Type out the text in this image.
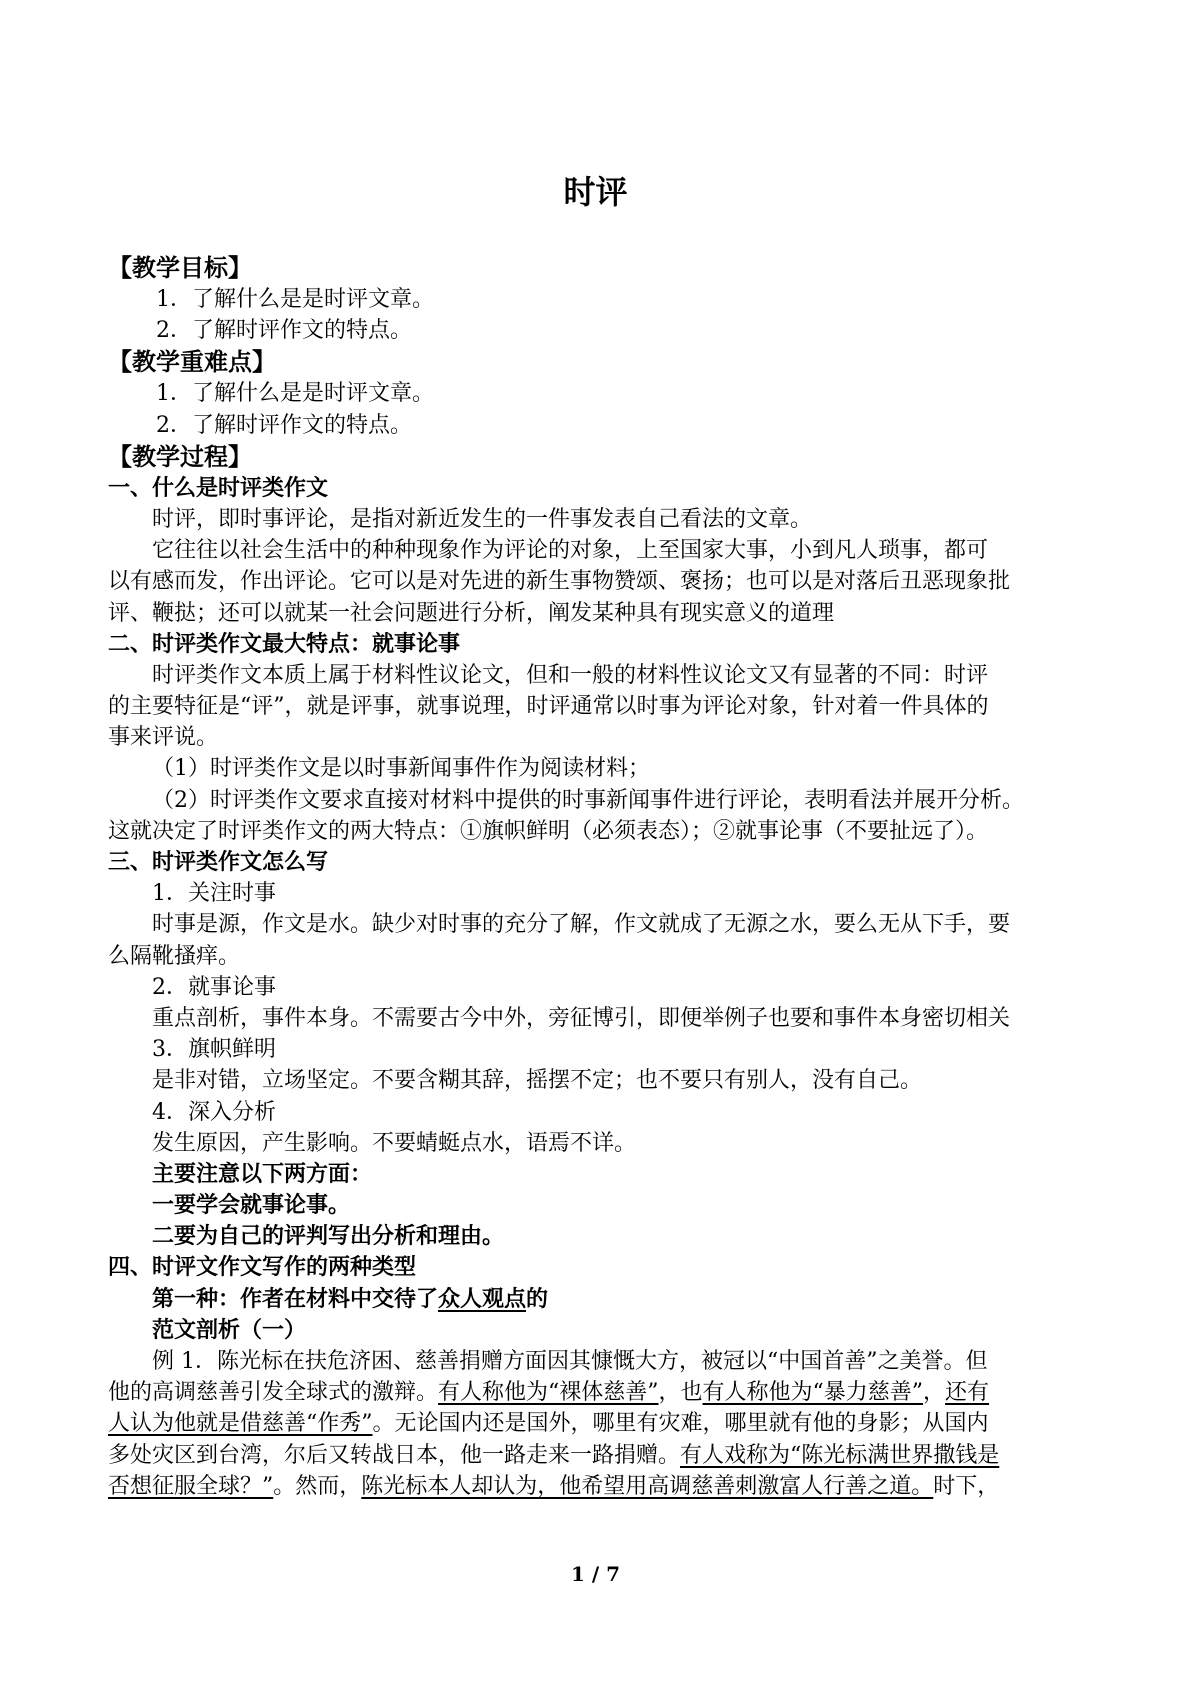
时评
【教学目标】
1．了解什么是是时评文章。
2．了解时评作文的特点。
【教学重难点】
1．了解什么是是时评文章。
2．了解时评作文的特点。
【教学过程】
一、什么是时评类作文
时评，即时事评论，是指对新近发生的一件事发表自己看法的文章。
它往往以社会生活中的种种现象作为评论的对象，上至国家大事，小到凡人琐事，都可
以有感而发，作出评论。它可以是对先进的新生事物赞颂、褒扬；也可以是对落后丑恶现象批
评、鞭挞；还可以就某一社会问题进行分析，阐发某种具有现实意义的道理
二、时评类作文最大特点：就事论事
时评类作文本质上属于材料性议论文，但和一般的材料性议论文又有显著的不同：时评
的主要特征是“评”，就是评事，就事说理，时评通常以时事为评论对象，针对着一件具体的
事来评说。
（1）时评类作文是以时事新闻事件作为阅读材料；
（2）时评类作文要求直接对材料中提供的时事新闻事件进行评论，表明看法并展开分析。
这就决定了时评类作文的两大特点：①旗帜鲜明（必须表态）；②就事论事（不要扯远了）。
三、时评类作文怎么写
1．关注时事
时事是源，作文是水。缺少对时事的充分了解，作文就成了无源之水，要么无从下手，要
么隔靴搔痒。
2．就事论事
重点剖析，事件本身。不需要古今中外，旁征博引，即便举例子也要和事件本身密切相关
3．旗帜鲜明
是非对错，立场坚定。不要含糊其辞，摇摆不定；也不要只有别人，没有自己。
4．深入分析
发生原因，产生影响。不要蜻蜓点水，语焉不详。
主要注意以下两方面：
一要学会就事论事。
二要为自己的评判写出分析和理由。
四、时评文作文写作的两种类型
第一种：作者在材料中交待了众人观点的
范文剖析（一）
例 1．陈光标在扶危济困、慈善捐赠方面因其慷慨大方，被冠以“中国首善”之美誉。但
他的高调慈善引发全球式的激辩。有人称他为“裸体慈善”，也有人称他为“暴力慈善”，还有
人认为他就是借慈善“作秀”。无论国内还是国外，哪里有灾难，哪里就有他的身影；从国内
多处灾区到台湾，尔后又转战日本，他一路走来一路捐赠。有人戏称为“陈光标满世界撒钱是
否想征服全球？”。然而，陈光标本人却认为，他希望用高调慈善刺激富人行善之道。时下，
1 / 7
